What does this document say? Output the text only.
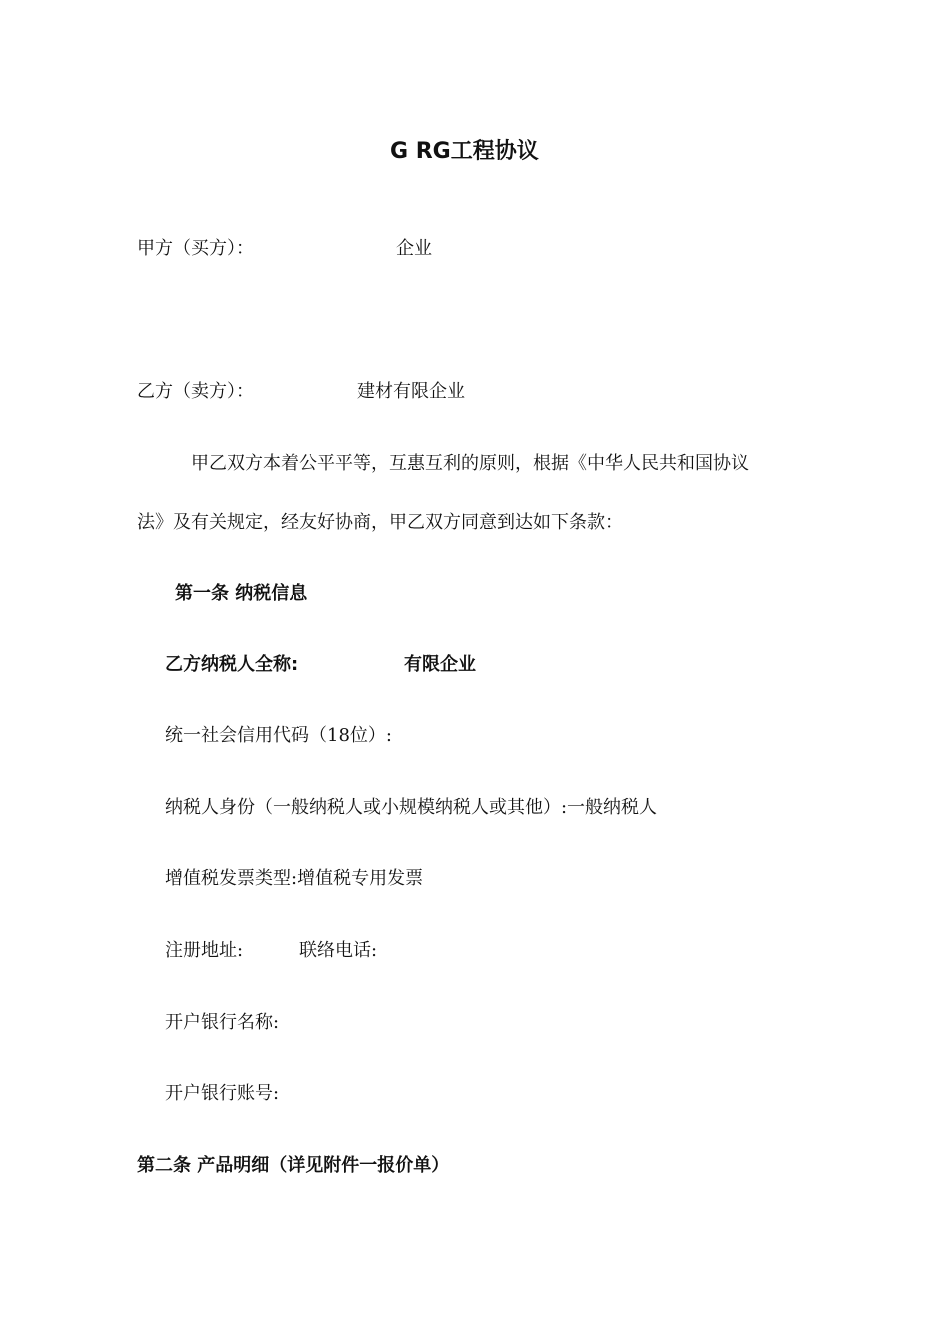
G RG工程协议
甲方（买方）：	企业
乙方（卖方）：	建材有限企业
甲乙双方本着公平平等，互惠互利的原则，根据《中华人民共和国协议
法》及有关规定，经友好协商，甲乙双方同意到达如下条款：
第一条 纳税信息
乙方纳税人全称:	有限企业
统一社会信用代码（18位）:
纳税人身份（一般纳税人或小规模纳税人或其他）:一般纳税人
增值税发票类型:增值税专用发票
注册地址:	联络电话:
开户银行名称:
开户银行账号:
第二条 产品明细（详见附件一报价单）
